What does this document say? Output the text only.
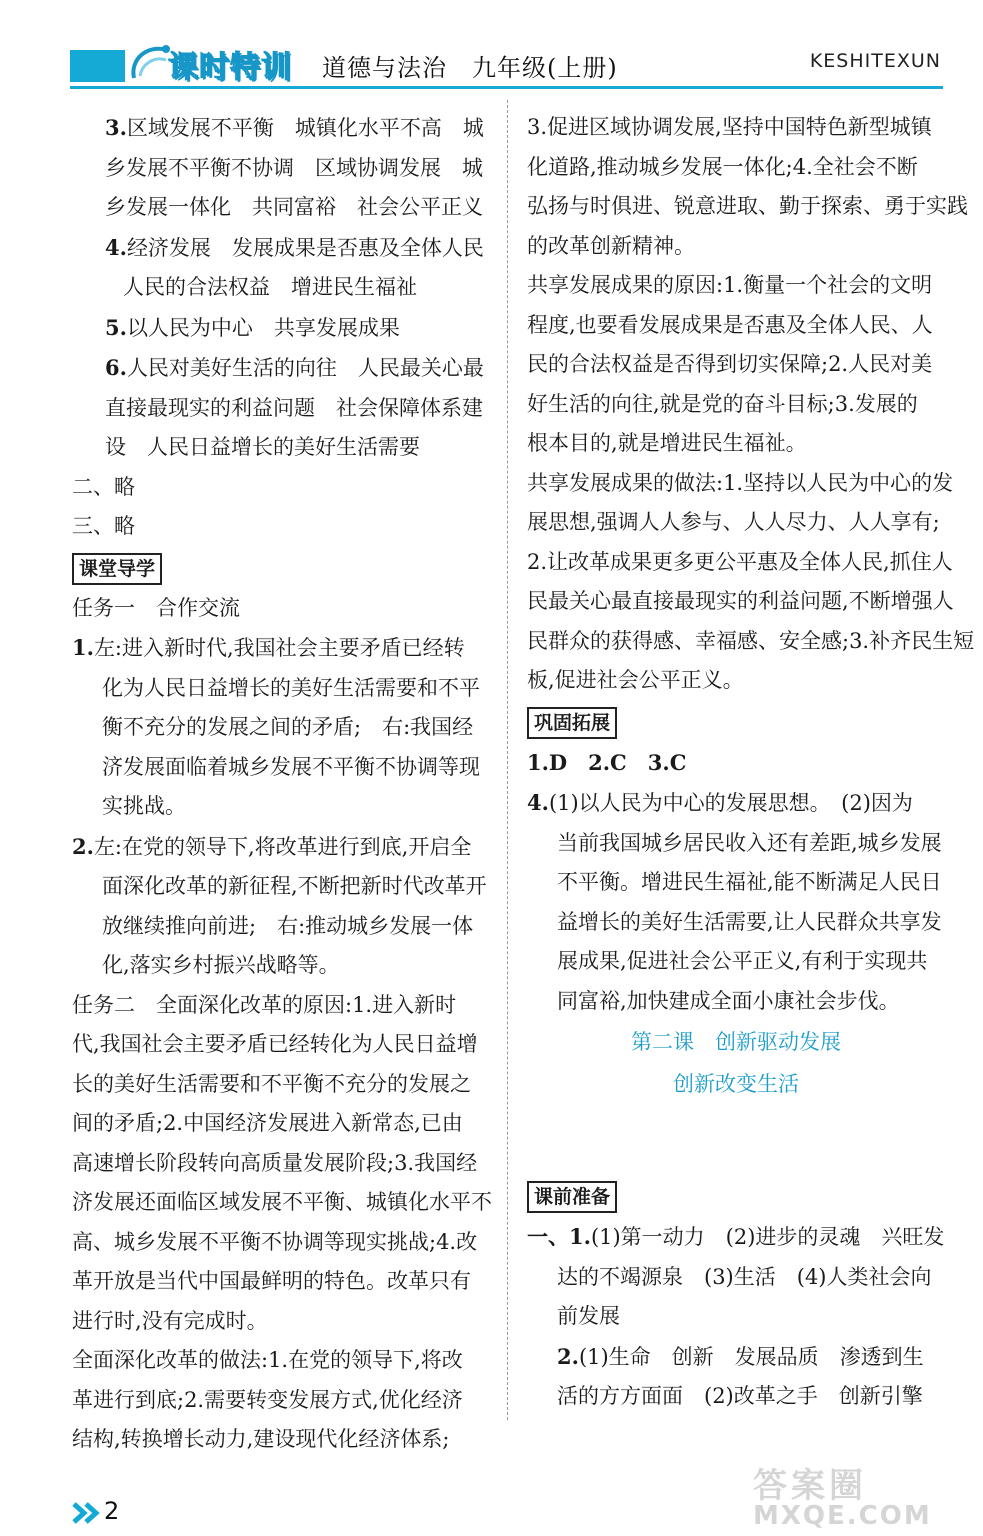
课时特训 道德与法治　九年级(上册)	KESHITEXUN
3.区域发展不平衡　城镇化水平不高　城
乡发展不平衡不协调　区域协调发展　城
乡发展一体化　共同富裕　社会公平正义
4.经济发展　发展成果是否惠及全体人民
　人民的合法权益　增进民生福祉
5.以人民为中心　共享发展成果
6.人民对美好生活的向往　人民最关心最
直接最现实的利益问题　社会保障体系建
设　人民日益增长的美好生活需要
二、略
三、略
课堂导学
任务一　合作交流
1.左:进入新时代,我国社会主要矛盾已经转
化为人民日益增长的美好生活需要和不平
衡不充分的发展之间的矛盾;　右:我国经
济发展面临着城乡发展不平衡不协调等现
实挑战。
2.左:在党的领导下,将改革进行到底,开启全
面深化改革的新征程,不断把新时代改革开
放继续推向前进;　右:推动城乡发展一体
化,落实乡村振兴战略等。
任务二　全面深化改革的原因:1.进入新时
代,我国社会主要矛盾已经转化为人民日益增
长的美好生活需要和不平衡不充分的发展之
间的矛盾;2.中国经济发展进入新常态,已由
高速增长阶段转向高质量发展阶段;3.我国经
济发展还面临区域发展不平衡、城镇化水平不
高、城乡发展不平衡不协调等现实挑战;4.改
革开放是当代中国最鲜明的特色。改革只有
进行时,没有完成时。
全面深化改革的做法:1.在党的领导下,将改
革进行到底;2.需要转变发展方式,优化经济
结构,转换增长动力,建设现代化经济体系;
3.促进区域协调发展,坚持中国特色新型城镇
化道路,推动城乡发展一体化;4.全社会不断
弘扬与时俱进、锐意进取、勤于探索、勇于实践
的改革创新精神。
共享发展成果的原因:1.衡量一个社会的文明
程度,也要看发展成果是否惠及全体人民、人
民的合法权益是否得到切实保障;2.人民对美
好生活的向往,就是党的奋斗目标;3.发展的
根本目的,就是增进民生福祉。
共享发展成果的做法:1.坚持以人民为中心的发
展思想,强调人人参与、人人尽力、人人享有;
2.让改革成果更多更公平惠及全体人民,抓住人
民最关心最直接最现实的利益问题,不断增强人
民群众的获得感、幸福感、安全感;3.补齐民生短
板,促进社会公平正义。
巩固拓展
1.D　2.C　3.C
4.(1)以人民为中心的发展思想。　(2)因为
当前我国城乡居民收入还有差距,城乡发展
不平衡。增进民生福祉,能不断满足人民日
益增长的美好生活需要,让人民群众共享发
展成果,促进社会公平正义,有利于实现共
同富裕,加快建成全面小康社会步伐。
第二课　创新驱动发展
创新改变生活
课前准备
一、1.(1)第一动力　(2)进步的灵魂　兴旺发
达的不竭源泉　(3)生活　(4)人类社会向
前发展
2.(1)生命　创新　发展品质　渗透到生
活的方方面面　(2)改革之手　创新引擎
2
答案圈
MXQE.COM
